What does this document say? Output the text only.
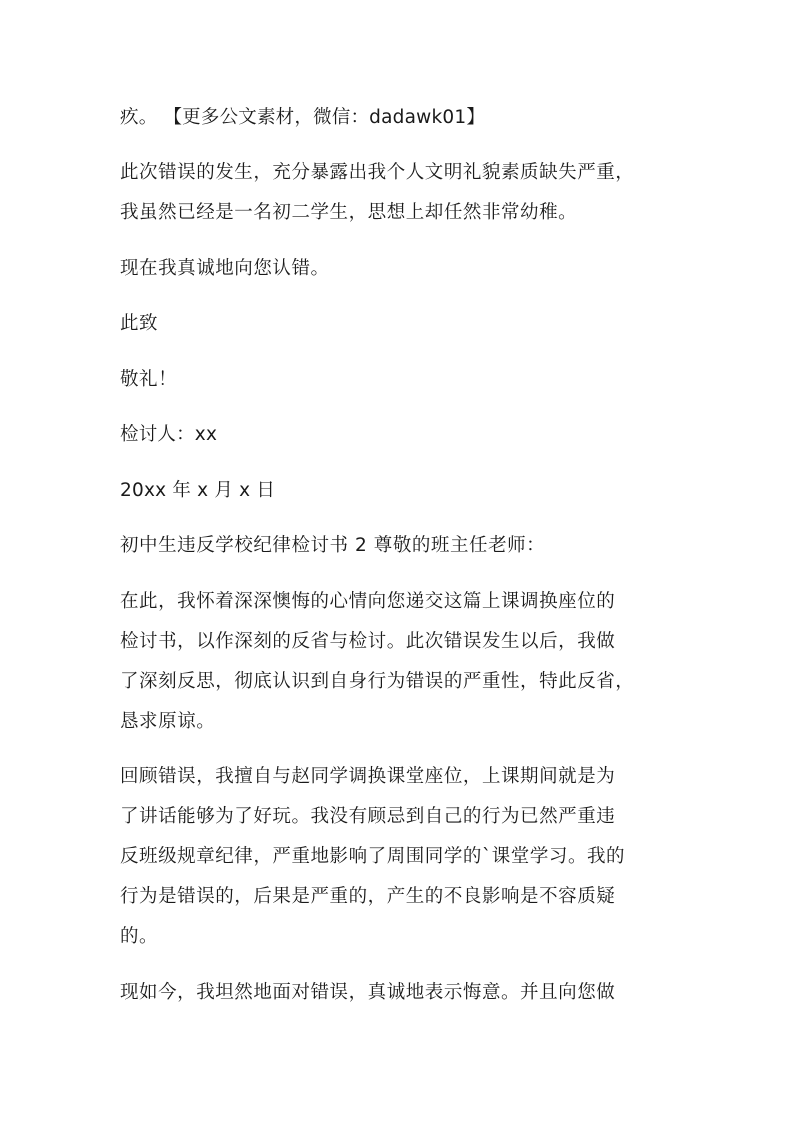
疚。 【更多公文素材，微信：dadawk01】

此次错误的发生，充分暴露出我个人文明礼貌素质缺失严重，

我虽然已经是一名初二学生，思想上却任然非常幼稚。

现在我真诚地向您认错。

此致

敬礼！

检讨人：xx

20xx 年 x 月 x 日

初中生违反学校纪律检讨书 2 尊敬的班主任老师：

在此，我怀着深深懊悔的心情向您递交这篇上课调换座位的

检讨书，以作深刻的反省与检讨。此次错误发生以后，我做

了深刻反思，彻底认识到自身行为错误的严重性，特此反省，

恳求原谅。

回顾错误，我擅自与赵同学调换课堂座位，上课期间就是为

了讲话能够为了好玩。我没有顾忌到自己的行为已然严重违

反班级规章纪律，严重地影响了周围同学的`课堂学习。我的

行为是错误的，后果是严重的，产生的不良影响是不容质疑

的。

现如今，我坦然地面对错误，真诚地表示悔意。并且向您做
